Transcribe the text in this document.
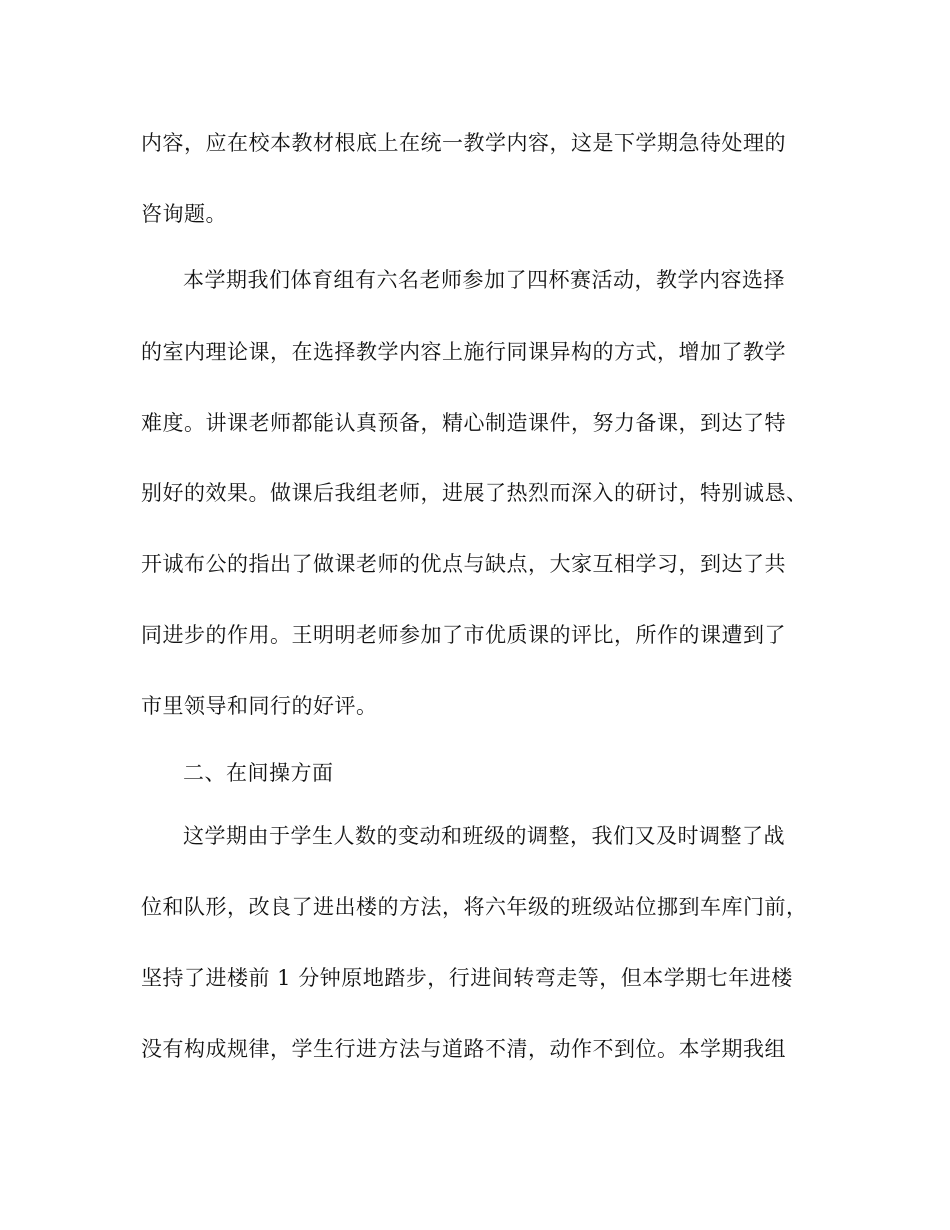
内容，应在校本教材根底上在统一教学内容，这是下学期急待处理的
咨询题。
本学期我们体育组有六名老师参加了四杯赛活动，教学内容选择
的室内理论课，在选择教学内容上施行同课异构的方式，增加了教学
难度。讲课老师都能认真预备，精心制造课件，努力备课，到达了特
别好的效果。做课后我组老师，进展了热烈而深入的研讨，特别诚恳、
开诚布公的指出了做课老师的优点与缺点，大家互相学习，到达了共
同进步的作用。王明明老师参加了市优质课的评比，所作的课遭到了
市里领导和同行的好评。
二、在间操方面
这学期由于学生人数的变动和班级的调整，我们又及时调整了战
位和队形，改良了进出楼的方法，将六年级的班级站位挪到车库门前，
坚持了进楼前 1 分钟原地踏步，行进间转弯走等，但本学期七年进楼
没有构成规律，学生行进方法与道路不清，动作不到位。本学期我组
